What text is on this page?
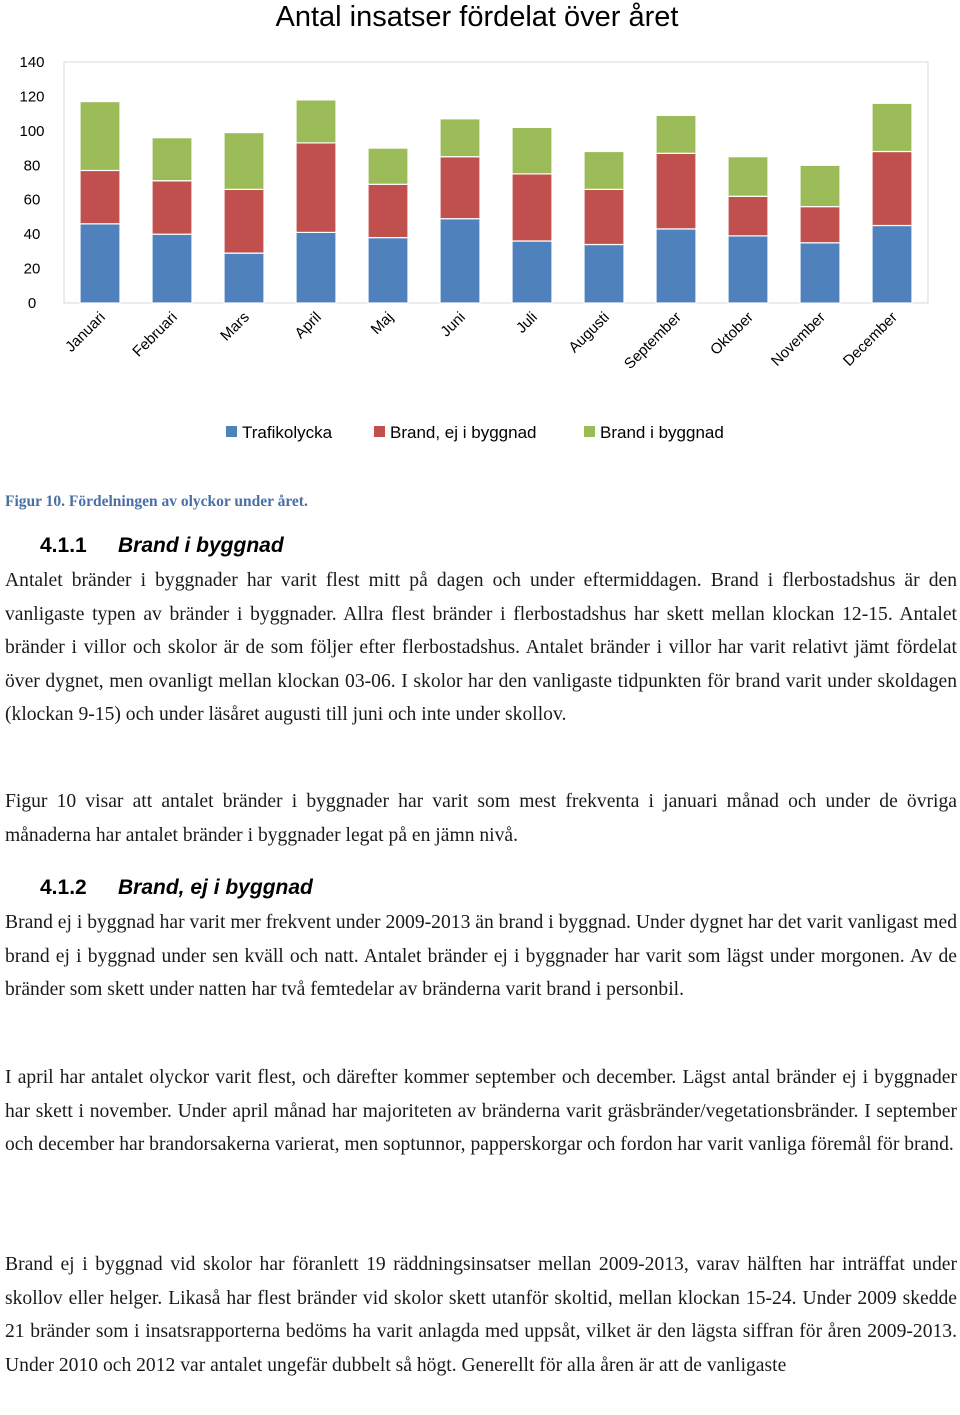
Antal insatser fördelat över året
0
20
40
60
80
100
120
140
Januari Februari Mars	April	Maj	Juni	Juli Augusti September Oktober November December
Trafikolycka	Brand, ej i byggnad	Brand i byggnad
Figur 10. Fördelningen av olyckor under året.
4.1.1 Brand i byggnad

Antalet bränder i byggnader har varit flest mitt på dagen och under eftermiddagen. Brand i flerbostadshus är den vanligaste typen av bränder i byggnader. Allra flest bränder i flerbostadshus har skett mellan klockan 12-15. Antalet bränder i villor och skolor är de som följer efter flerbostadshus. Antalet bränder i villor har varit relativt jämt fördelat över dygnet, men ovanligt mellan klockan 03-06. I skolor har den vanligaste tidpunkten för brand varit under skoldagen (klockan 9-15) och under läsåret augusti till juni och inte under skollov.

Figur 10 visar att antalet bränder i byggnader har varit som mest frekventa i januari månad och under de övriga månaderna har antalet bränder i byggnader legat på en jämn nivå.

4.1.2 Brand, ej i byggnad

Brand ej i byggnad har varit mer frekvent under 2009-2013 än brand i byggnad. Under dygnet har det varit vanligast med brand ej i byggnad under sen kväll och natt. Antalet bränder ej i byggnader har varit som lägst under morgonen. Av de bränder som skett under natten har två femtedelar av bränderna varit brand i personbil.

I april har antalet olyckor varit flest, och därefter kommer september och december. Lägst antal bränder ej i byggnader har skett i november. Under april månad har majoriteten av bränderna varit gräsbränder/vegetationsbränder. I september och december har brandorsakerna varierat, men soptunnor, papperskorgar och fordon har varit vanliga föremål för brand.

Brand ej i byggnad vid skolor har föranlett 19 räddningsinsatser mellan 2009-2013, varav hälften har inträffat under skollov eller helger. Likaså har flest bränder vid skolor skett utanför skoltid, mellan klockan 15-24. Under 2009 skedde 21 bränder som i insatsrapporterna bedöms ha varit anlagda med uppsåt, vilket är den lägsta siffran för åren 2009-2013. Under 2010 och 2012 var antalet ungefär dubbelt så högt. Generellt för alla åren är att de vanligaste
